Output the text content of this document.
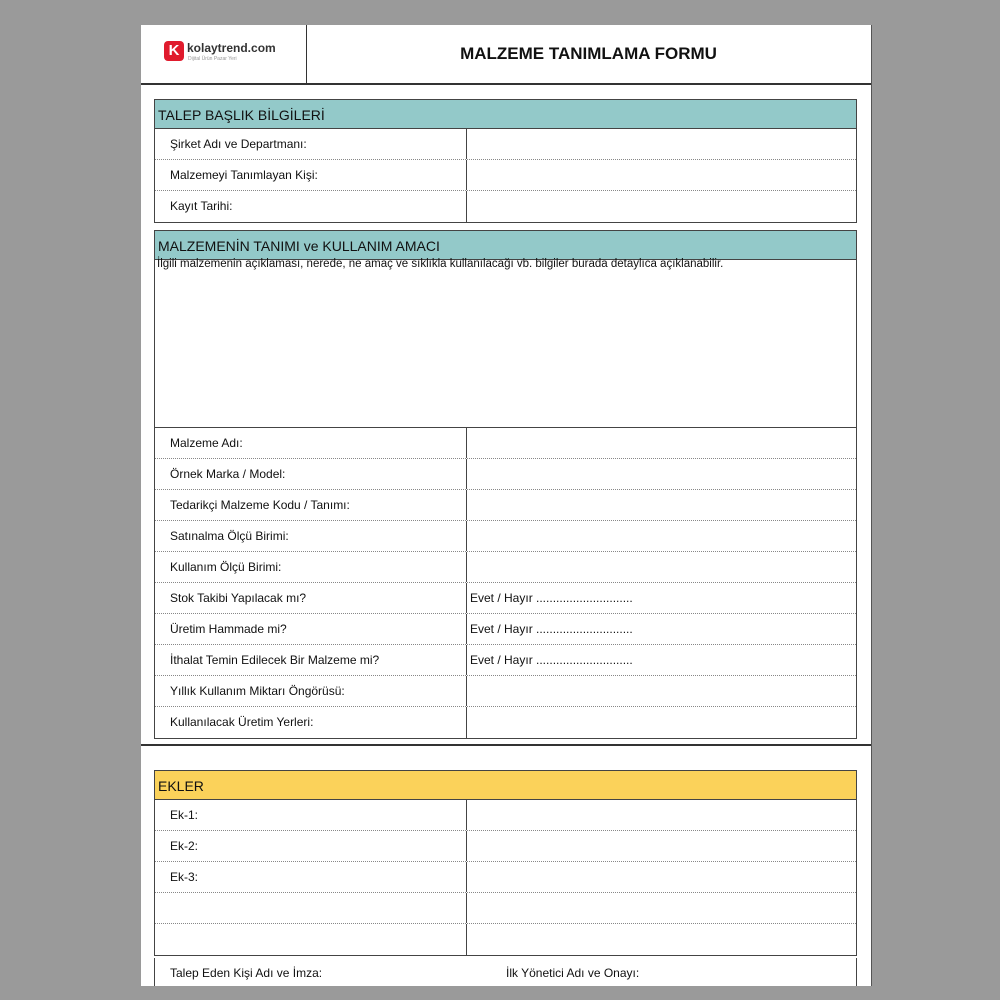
K kolaytrend.com
Dijital Ürün Pazar Yeri	MALZEME TANIMLAMA FORMU
TALEP BAŞLIK BİLGİLERİ
Şirket Adı ve Departmanı:
Malzemeyi Tanımlayan Kişi:
Kayıt Tarihi:
MALZEMENİN TANIMI ve KULLANIM AMACI
İlgili malzemenin açıklaması, nerede, ne amaç ve sıklıkla kullanılacağı vb. bilgiler burada detaylıca açıklanabilir.
Malzeme Adı:
Örnek Marka / Model:
Tedarikçi Malzeme Kodu / Tanımı:
Satınalma Ölçü Birimi:
Kullanım Ölçü Birimi:
Stok Takibi Yapılacak mı?	Evet / Hayır .............................
Üretim Hammade mi?	Evet / Hayır .............................
İthalat Temin Edilecek Bir Malzeme mi?	Evet / Hayır .............................
Yıllık Kullanım Miktarı Öngörüsü:
Kullanılacak Üretim Yerleri:
EKLER
Ek-1:
Ek-2:
Ek-3:
Talep Eden Kişi Adı ve İmza:	İlk Yönetici Adı ve Onayı:
